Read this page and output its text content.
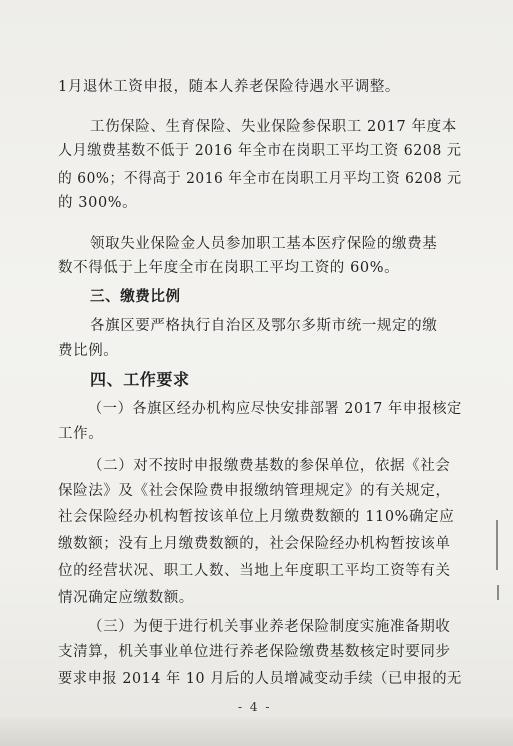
1月退休工资申报，随本人养老保险待遇水平调整。
工伤保险、生育保险、失业保险参保职工 2017 年度本
人月缴费基数不低于 2016 年全市在岗职工平均工资 6208 元
的 60%；不得高于 2016 年全市在岗职工月平均工资 6208 元
的 300%。
领取失业保险金人员参加职工基本医疗保险的缴费基
数不得低于上年度全市在岗职工平均工资的 60%。
三、缴费比例
各旗区要严格执行自治区及鄂尔多斯市统一规定的缴
费比例。
四、工作要求
（一）各旗区经办机构应尽快安排部署 2017 年申报核定
工作。
（二）对不按时申报缴费基数的参保单位，依据《社会
保险法》及《社会保险费申报缴纳管理规定》的有关规定，
社会保险经办机构暂按该单位上月缴费数额的 110%确定应
缴数额；没有上月缴费数额的，社会保险经办机构暂按该单
位的经营状况、职工人数、当地上年度职工平均工资等有关
情况确定应缴数额。
（三）为便于进行机关事业养老保险制度实施准备期收
支清算，机关事业单位进行养老保险缴费基数核定时要同步
要求申报 2014 年 10 月后的人员增减变动手续（已申报的无
- 4 -
